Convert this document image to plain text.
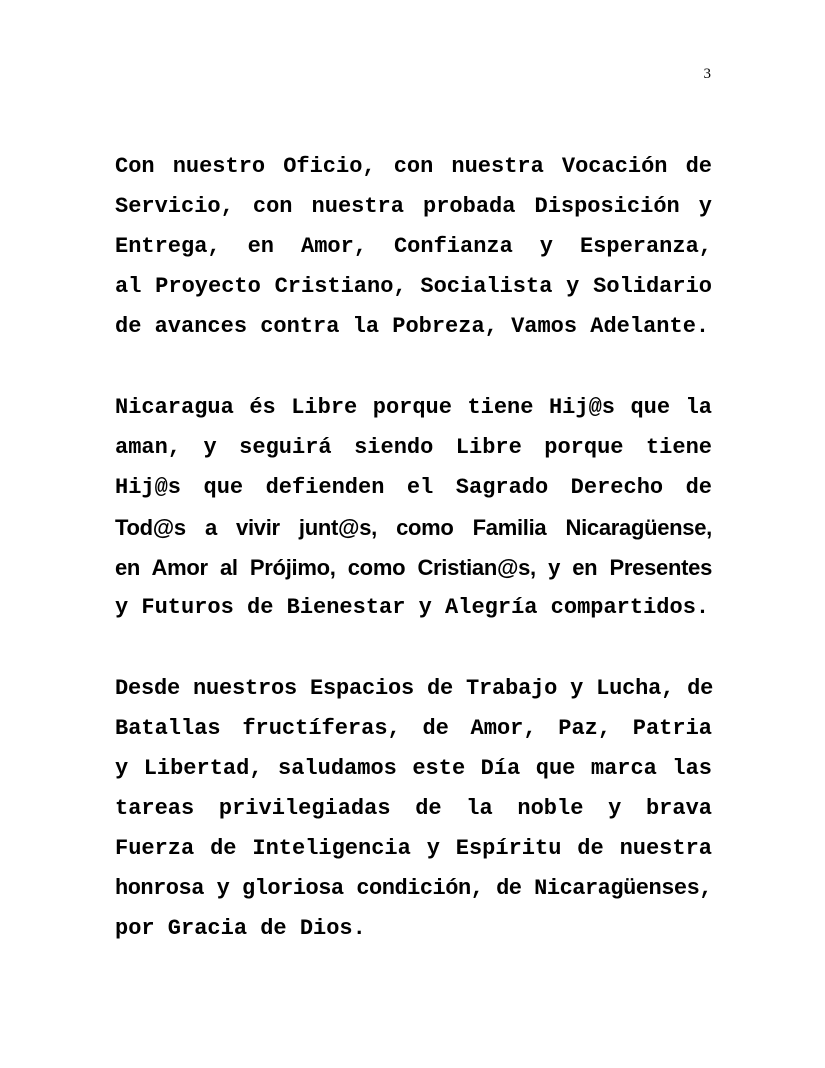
3
Con nuestro Oficio, con nuestra Vocación de
Servicio, con nuestra probada Disposición y
Entrega, en Amor, Confianza y Esperanza,
al Proyecto Cristiano, Socialista y Solidario
de avances contra la Pobreza, Vamos Adelante.
Nicaragua és Libre porque tiene Hij@s que la
aman, y seguirá siendo Libre porque tiene
Hij@s que defienden el Sagrado Derecho de
Tod@s a vivir junt@s, como Familia Nicaragüense,
en Amor al Prójimo, como Cristian@s, y en Presentes
y Futuros de Bienestar y Alegría compartidos.
Desde nuestros Espacios de Trabajo y Lucha, de
Batallas fructíferas, de Amor, Paz, Patria
y Libertad, saludamos este Día que marca las
tareas privilegiadas de la noble y brava
Fuerza de Inteligencia y Espíritu de nuestra
honrosa y gloriosa condición, de Nicaragüenses,
por Gracia de Dios.
